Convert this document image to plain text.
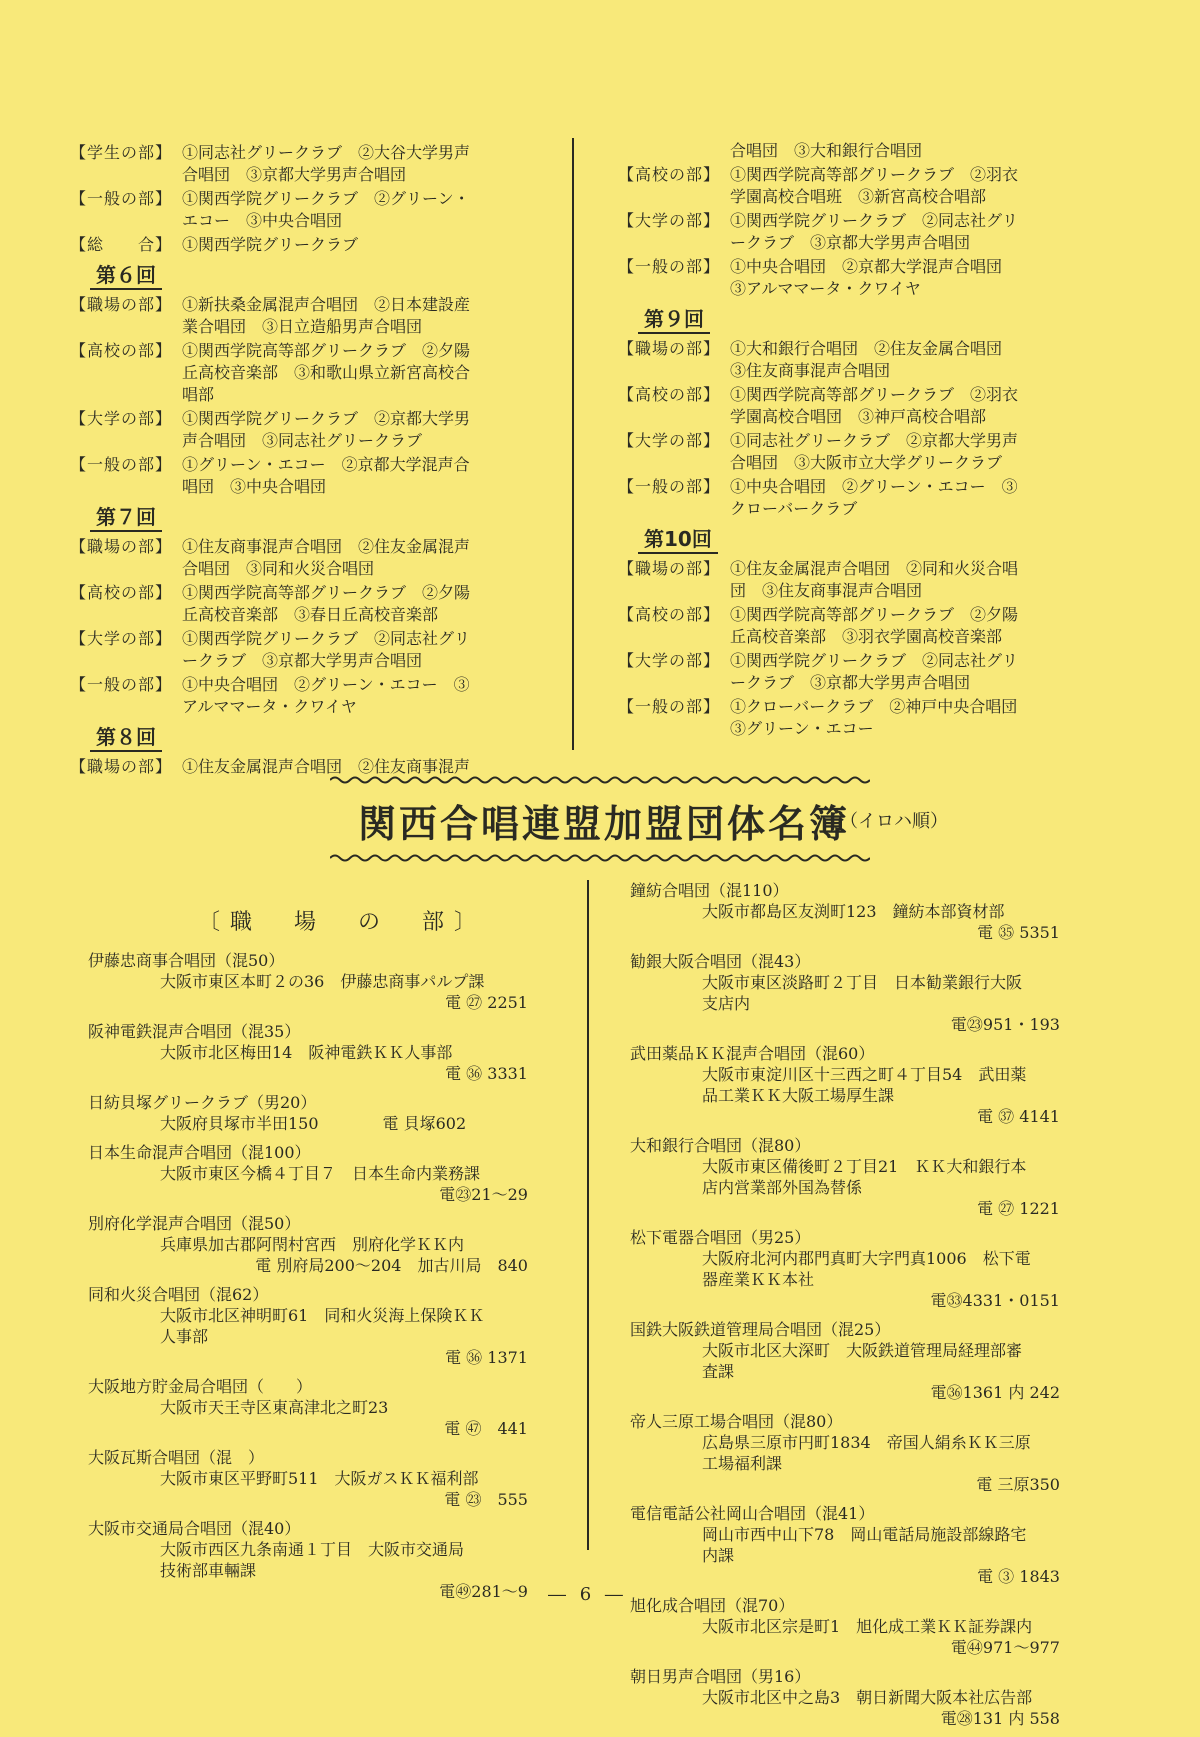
【学生の部】 ①同志社グリークラブ　②大谷大学男声
合唱団　③京都大学男声合唱団
【一般の部】 ①関西学院グリークラブ　②グリーン・
エコー　③中央合唱団
【総　　合】 ①関西学院グリークラブ
第６回
【職場の部】 ①新扶桑金属混声合唱団　②日本建設産
業合唱団　③日立造船男声合唱団
【高校の部】 ①関西学院高等部グリークラブ　②夕陽
丘高校音楽部　③和歌山県立新宮高校合
唱部
【大学の部】 ①関西学院グリークラブ　②京都大学男
声合唱団　③同志社グリークラブ
【一般の部】 ①グリーン・エコー　②京都大学混声合
唱団　③中央合唱団
第７回
【職場の部】 ①住友商事混声合唱団　②住友金属混声
合唱団　③同和火災合唱団
【高校の部】 ①関西学院高等部グリークラブ　②夕陽
丘高校音楽部　③春日丘高校音楽部
【大学の部】 ①関西学院グリークラブ　②同志社グリ
ークラブ　③京都大学男声合唱団
【一般の部】 ①中央合唱団　②グリーン・エコー　③
アルママータ・クワイヤ
第８回
【職場の部】 ①住友金属混声合唱団　②住友商事混声
合唱団　③大和銀行合唱団
【高校の部】 ①関西学院高等部グリークラブ　②羽衣
学園高校合唱班　③新宮高校合唱部
【大学の部】 ①関西学院グリークラブ　②同志社グリ
ークラブ　③京都大学男声合唱団
【一般の部】 ①中央合唱団　②京都大学混声合唱団
③アルママータ・クワイヤ
第９回
【職場の部】 ①大和銀行合唱団　②住友金属合唱団
③住友商事混声合唱団
【高校の部】 ①関西学院高等部グリークラブ　②羽衣
学園高校合唱団　③神戸高校合唱部
【大学の部】 ①同志社グリークラブ　②京都大学男声
合唱団　③大阪市立大学グリークラブ
【一般の部】 ①中央合唱団　②グリーン・エコー　③
クローバークラブ
第10回
【職場の部】 ①住友金属混声合唱団　②同和火災合唱
団　③住友商事混声合唱団
【高校の部】 ①関西学院高等部グリークラブ　②夕陽
丘高校音楽部　③羽衣学園高校音楽部
【大学の部】 ①関西学院グリークラブ　②同志社グリ
ークラブ　③京都大学男声合唱団
【一般の部】 ①クローバークラブ　②神戸中央合唱団
③グリーン・エコー
関西合唱連盟加盟団体名簿
（イロハ順）
〔職　場　の　部〕
伊藤忠商事合唱団（混50）
大阪市東区本町２の36　伊藤忠商事パルプ課
電 ㉗ 2251
阪神電鉄混声合唱団（混35）
大阪市北区梅田14　阪神電鉄ＫＫ人事部
電 ㊱ 3331
日紡貝塚グリークラブ（男20）
大阪府貝塚市半田150　　　　電 貝塚602
日本生命混声合唱団（混100）
大阪市東区今橋４丁目７　日本生命内業務課
電㉓21～29
別府化学混声合唱団（混50）
兵庫県加古郡阿閇村宮西　別府化学ＫＫ内
電 別府局200～204　加古川局　840
同和火災合唱団（混62）
大阪市北区神明町61　同和火災海上保険ＫＫ
人事部
電 ㊱ 1371
大阪地方貯金局合唱団（　　）
大阪市天王寺区東高津北之町23
電 ㊼　441
大阪瓦斯合唱団（混　）
大阪市東区平野町511　大阪ガスＫＫ福利部
電 ㉓　555
大阪市交通局合唱団（混40）
大阪市西区九条南通１丁目　大阪市交通局
技術部車輛課
電㊾281～9
鐘紡合唱団（混110）
大阪市都島区友渕町123　鐘紡本部資材部
電 ㉟ 5351
勧銀大阪合唱団（混43）
大阪市東区淡路町２丁目　日本勧業銀行大阪
支店内
電㉓951・193
武田薬品ＫＫ混声合唱団（混60）
大阪市東淀川区十三西之町４丁目54　武田薬
品工業ＫＫ大阪工場厚生課
電 ㊲ 4141
大和銀行合唱団（混80）
大阪市東区備後町２丁目21　ＫＫ大和銀行本
店内営業部外国為替係
電 ㉗ 1221
松下電器合唱団（男25）
大阪府北河内郡門真町大字門真1006　松下電
器産業ＫＫ本社
電㉝4331・0151
国鉄大阪鉄道管理局合唱団（混25）
大阪市北区大深町　大阪鉄道管理局経理部審
査課
電㊱1361 内 242
帝人三原工場合唱団（混80）
広島県三原市円町1834　帝国人絹糸ＫＫ三原
工場福利課
電 三原350
電信電話公社岡山合唱団（混41）
岡山市西中山下78　岡山電話局施設部線路宅
内課
電 ③ 1843
旭化成合唱団（混70）
大阪市北区宗是町1　旭化成工業ＫＫ証券課内
電㊹971～977
朝日男声合唱団（男16）
大阪市北区中之島3　朝日新聞大阪本社広告部
電㉘131 内 558
― 6 ―
